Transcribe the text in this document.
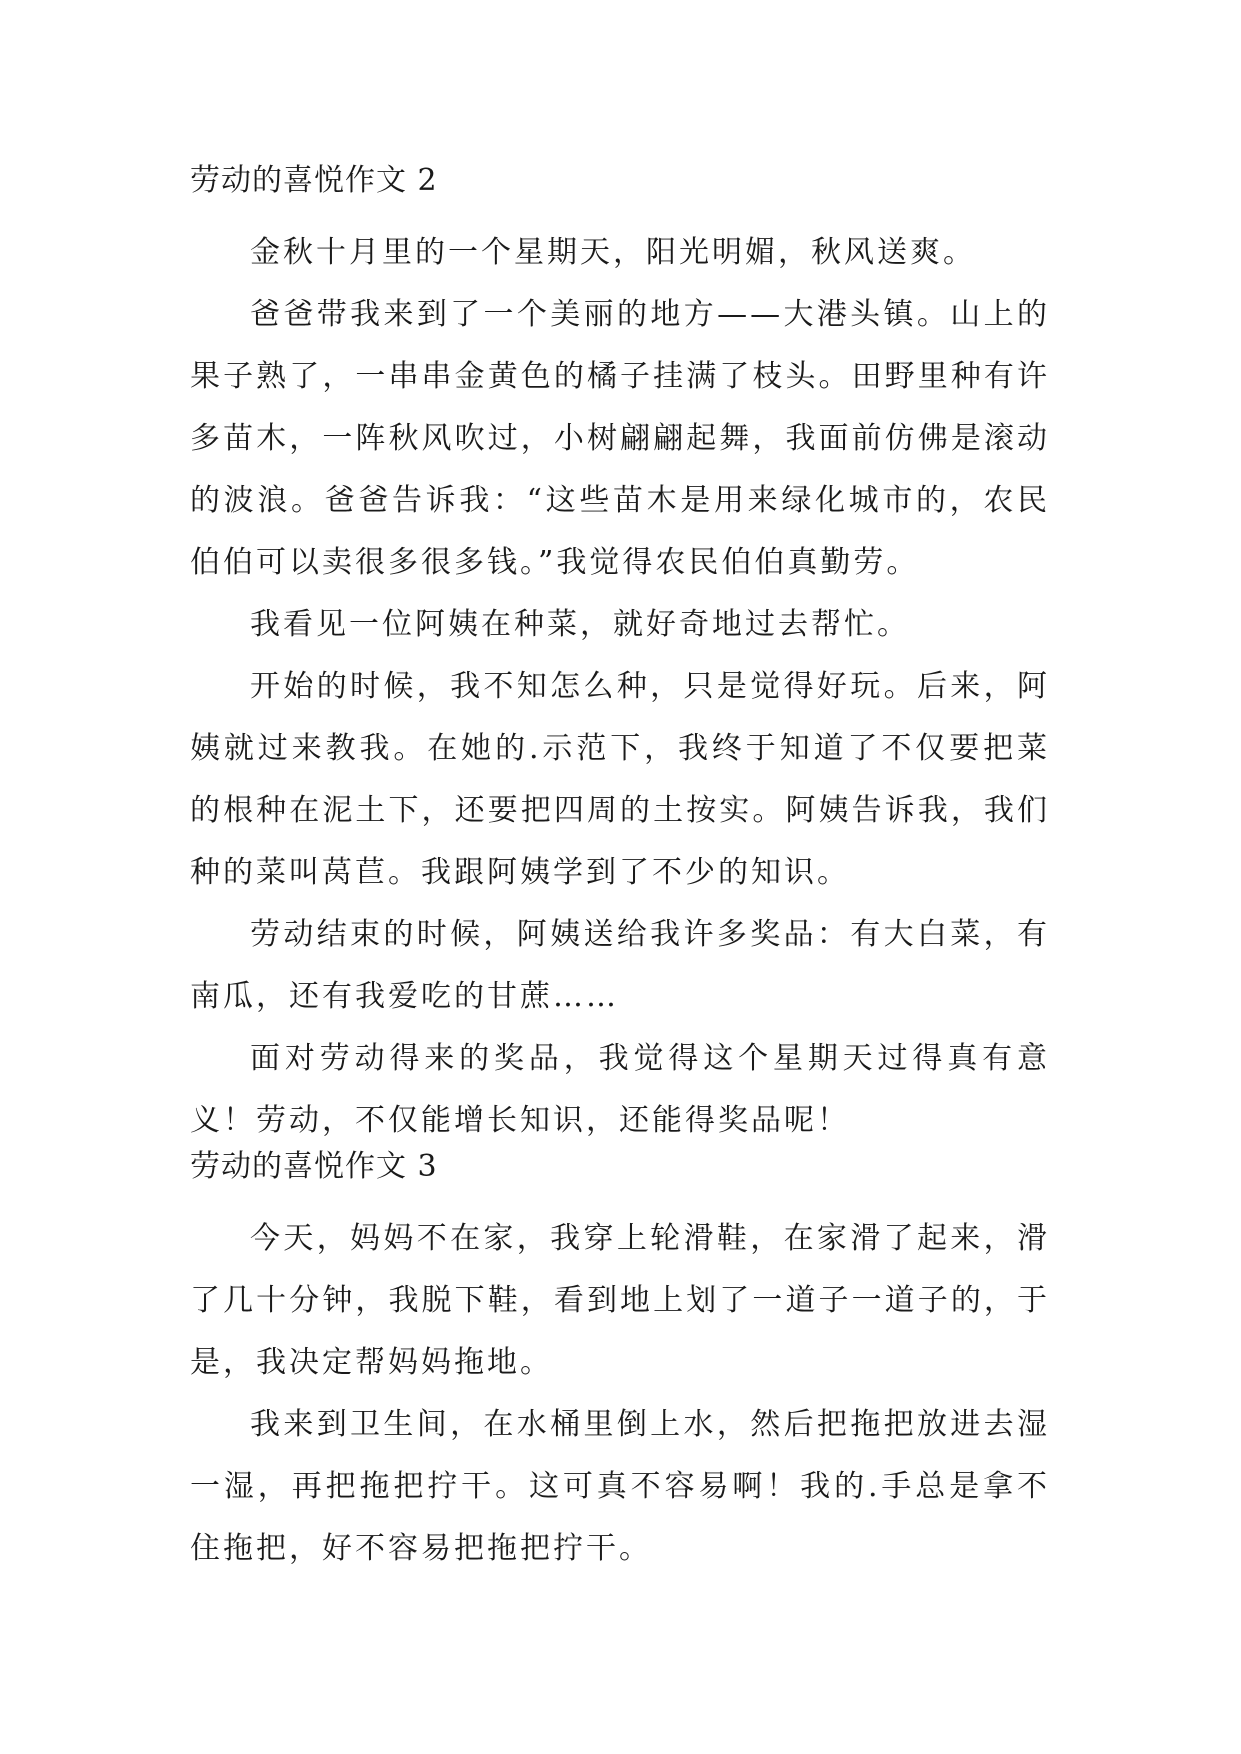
劳动的喜悦作文 2

金秋十月里的一个星期天，阳光明媚，秋风送爽。

爸爸带我来到了一个美丽的地方——大港头镇。山上的果子熟了，一串串金黄色的橘子挂满了枝头。田野里种有许多苗木，一阵秋风吹过，小树翩翩起舞，我面前仿佛是滚动的波浪。爸爸告诉我：“这些苗木是用来绿化城市的，农民伯伯可以卖很多很多钱。”我觉得农民伯伯真勤劳。

我看见一位阿姨在种菜，就好奇地过去帮忙。

开始的时候，我不知怎么种，只是觉得好玩。后来，阿姨就过来教我。在她的.示范下，我终于知道了不仅要把菜的根种在泥土下，还要把四周的土按实。阿姨告诉我，我们种的菜叫莴苣。我跟阿姨学到了不少的知识。

劳动结束的时候，阿姨送给我许多奖品：有大白菜，有南瓜，还有我爱吃的甘蔗……

面对劳动得来的奖品，我觉得这个星期天过得真有意义！劳动，不仅能增长知识，还能得奖品呢！

劳动的喜悦作文 3

今天，妈妈不在家，我穿上轮滑鞋，在家滑了起来，滑了几十分钟，我脱下鞋，看到地上划了一道子一道子的，于是，我决定帮妈妈拖地。

我来到卫生间，在水桶里倒上水，然后把拖把放进去湿一湿，再把拖把拧干。这可真不容易啊！我的.手总是拿不住拖把，好不容易把拖把拧干。
